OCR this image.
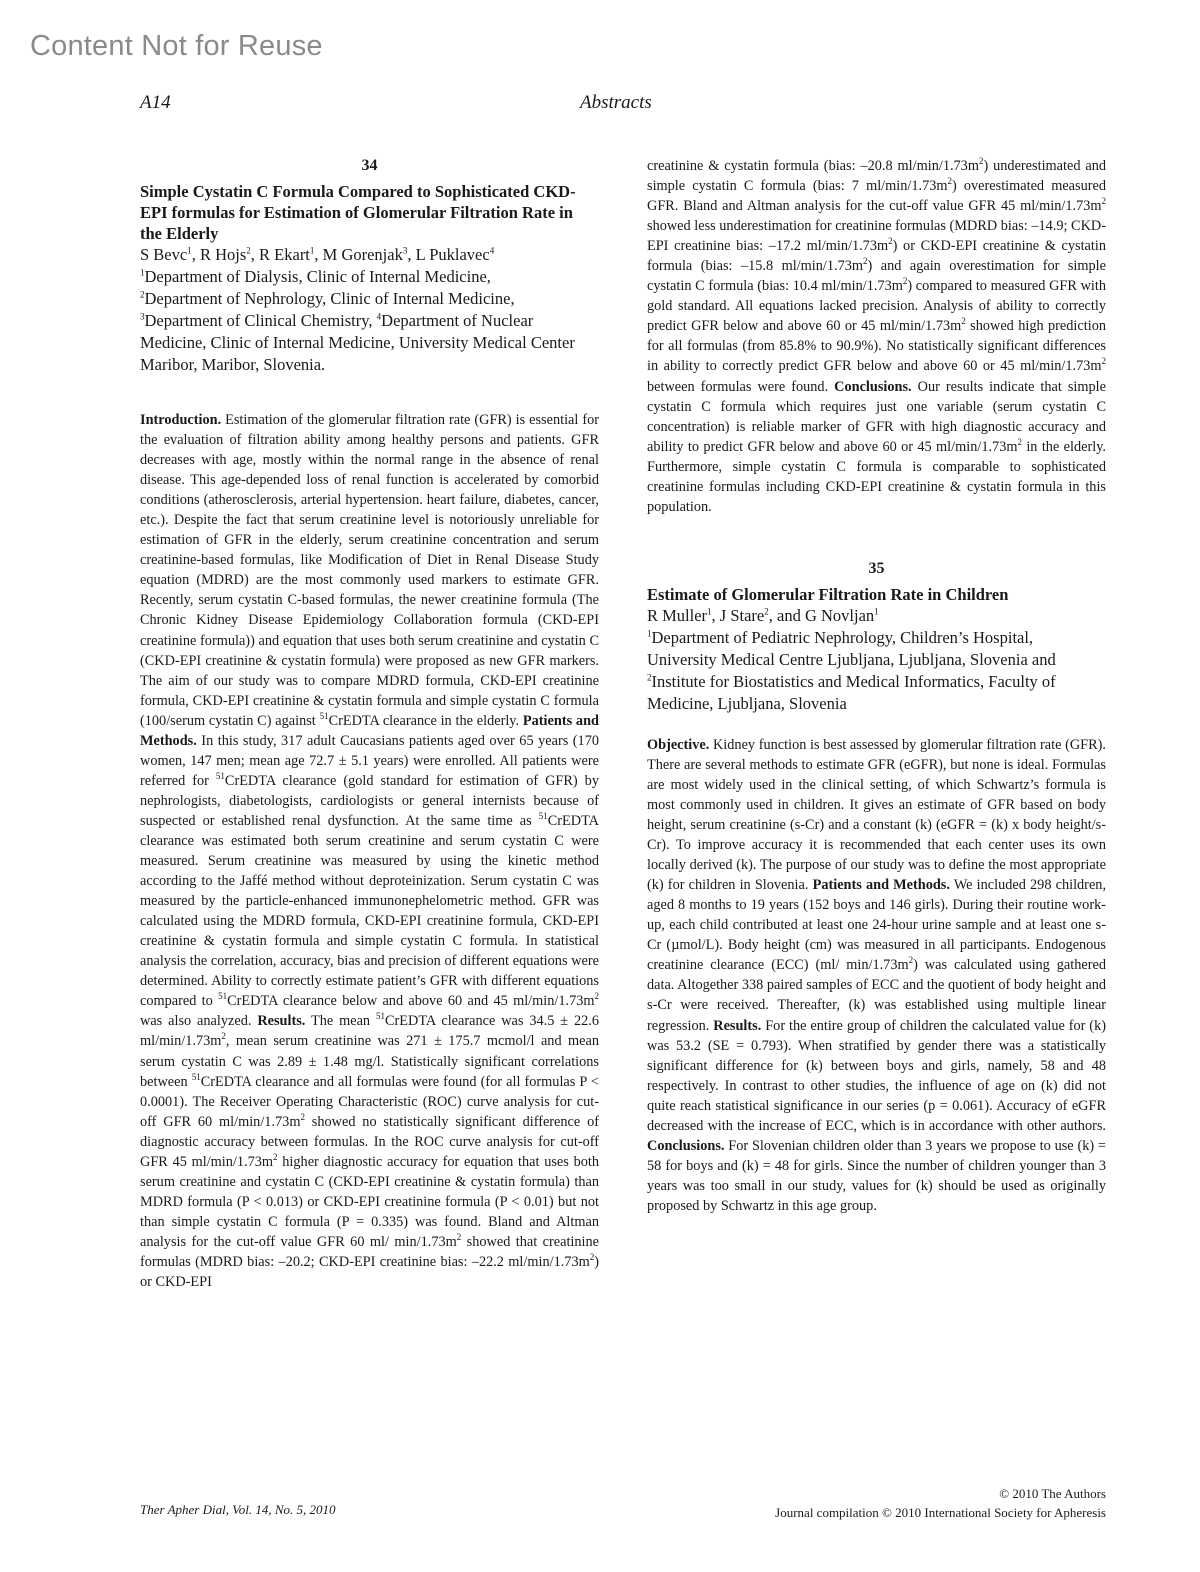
Content Not for Reuse
A14	Abstracts
34
Simple Cystatin C Formula Compared to Sophisticated CKD-EPI formulas for Estimation of Glomerular Filtration Rate in the Elderly
S Bevc$^1$, R Hojs$^2$, R Ekart$^1$, M Gorenjak$^3$, L Puklavec$^4$
$^1$Department of Dialysis, Clinic of Internal Medicine,
$^2$Department of Nephrology, Clinic of Internal Medicine,
$^3$Department of Clinical Chemistry, $^4$Department of Nuclear Medicine, Clinic of Internal Medicine, University Medical Center Maribor, Maribor, Slovenia.

Introduction. Estimation of the glomerular filtration rate (GFR) is essential for the evaluation of filtration ability among healthy persons and patients. GFR decreases with age, mostly within the normal range in the absence of renal disease. This age-depended loss of renal function is accelerated by comorbid conditions (atherosclerosis, arterial hypertension. heart failure, diabetes, cancer, etc.). Despite the fact that serum creatinine level is notoriously unreliable for estimation of GFR in the elderly, serum creatinine concentration and serum creatinine-based formulas, like Modification of Diet in Renal Disease Study equation (MDRD) are the most commonly used markers to estimate GFR. Recently, serum cystatin C-based formulas, the newer creatinine formula (The Chronic Kidney Disease Epidemiology Collaboration formula (CKD-EPI creatinine formula)) and equation that uses both serum creatinine and cystatin C (CKD-EPI creatinine & cystatin formula) were proposed as new GFR markers. The aim of our study was to compare MDRD formula, CKD-EPI creatinine formula, CKD-EPI creatinine & cystatin formula and simple cystatin C formula (100/serum cystatin C) against $^{51}$CrEDTA clearance in the elderly. Patients and Methods. In this study, 317 adult Caucasians patients aged over 65 years (170 women, 147 men; mean age 72.7 ± 5.1 years) were enrolled. All patients were referred for $^{51}$CrEDTA clearance (gold standard for estimation of GFR) by nephrologists, diabetologists, cardiologists or general internists because of suspected or established renal dysfunction. At the same time as $^{51}$CrEDTA clearance was estimated both serum creatinine and serum cystatin C were measured. Serum creatinine was measured by using the kinetic method according to the Jaffé method without deproteinization. Serum cystatin C was measured by the particle-enhanced immunonephelometric method. GFR was calculated using the MDRD formula, CKD-EPI creatinine formula, CKD-EPI creatinine & cystatin formula and simple cystatin C formula. In statistical analysis the correlation, accuracy, bias and precision of different equations were determined. Ability to correctly estimate patient’s GFR with different equations compared to $^{51}$CrEDTA clearance below and above 60 and 45 $ml/\min/1.73m^2$ was also analyzed. Results. The mean $^{51}$CrEDTA clearance was 34.5 ± 22.6 $ml/\min/1.73m^2$, mean serum creatinine was 271 ± 175.7 mcmol/l and mean serum cystatin C was 2.89 ± 1.48 mg/l. Statistically significant correlations between $^{51}$CrEDTA clearance and all formulas were found (for all formulas P < 0.0001). The Receiver Operating Characteristic (ROC) curve analysis for cut-off GFR 60 $ml/\min/1.73m^2$ showed no statistically significant difference of diagnostic accuracy between formulas. In the ROC curve analysis for cut-off GFR 45 $ml/\min/1.73m^2$ higher diagnostic accuracy for equation that uses both serum creatinine and cystatin C (CKD-EPI creatinine & cystatin formula) than MDRD formula (P < 0.013) or CKD-EPI creatinine formula (P < 0.01) but not than simple cystatin C formula (P = 0.335) was found. Bland and Altman analysis for the cut-off value GFR 60 ml/ $\min/1.73m^2$ showed that creatinine formulas (MDRD bias: –20.2; CKD-EPI creatinine bias: –22.2 $ml/\min/1.73m^2$) or CKD-EPI

creatinine & cystatin formula (bias: –20.8 $ml/\min/1.73m^2$) underestimated and simple cystatin C formula (bias: 7 $ml/\min/1.73m^2$) overestimated measured GFR. Bland and Altman analysis for the cut-off value GFR 45 $ml/\min/1.73m^2$ showed less underestimation for creatinine formulas (MDRD bias: –14.9; CKD-EPI creatinine bias: –17.2 $ml/\min/1.73m^2$) or CKD-EPI creatinine & cystatin formula (bias: –15.8 $ml/\min/1.73m^2$) and again overestimation for simple cystatin C formula (bias: 10.4 $ml/\min/1.73m^2$) compared to measured GFR with gold standard. All equations lacked precision. Analysis of ability to correctly predict GFR below and above 60 or 45 $ml/\min/1.73m^2$ showed high prediction for all formulas (from 85.8% to 90.9%). No statistically significant differences in ability to correctly predict GFR below and above 60 or 45 $ml/\min/1.73m^2$ between formulas were found. Conclusions. Our results indicate that simple cystatin C formula which requires just one variable (serum cystatin C concentration) is reliable marker of GFR with high diagnostic accuracy and ability to predict GFR below and above 60 or 45 $ml/\min/1.73m^2$ in the elderly. Furthermore, simple cystatin C formula is comparable to sophisticated creatinine formulas including CKD-EPI creatinine & cystatin formula in this population.

35
Estimate of Glomerular Filtration Rate in Children
R Muller$^1$, J Stare$^2$, and G Novljan$^1$
$^1$Department of Pediatric Nephrology, Children’s Hospital, University Medical Centre Ljubljana, Ljubljana, Slovenia and $^2$Institute for Biostatistics and Medical Informatics, Faculty of Medicine, Ljubljana, Slovenia

Objective. Kidney function is best assessed by glomerular filtration rate (GFR). There are several methods to estimate GFR (eGFR), but none is ideal. Formulas are most widely used in the clinical setting, of which Schwartz’s formula is most commonly used in children. It gives an estimate of GFR based on body height, serum creatinine (s-Cr) and a constant (k) (eGFR = (k) x body height/s-Cr). To improve accuracy it is recommended that each center uses its own locally derived (k). The purpose of our study was to define the most appropriate (k) for children in Slovenia. Patients and Methods. We included 298 children, aged 8 months to 19 years (152 boys and 146 girls). During their routine work-up, each child contributed at least one 24-hour urine sample and at least one s-Cr (µmol/L). Body height (cm) was measured in all participants. Endogenous creatinine clearance (ECC) (ml/ $\min/1.73m^2$) was calculated using gathered data. Altogether 338 paired samples of ECC and the quotient of body height and s-Cr were received. Thereafter, (k) was established using multiple linear regression. Results. For the entire group of children the calculated value for (k) was 53.2 (SE = 0.793). When stratified by gender there was a statistically significant difference for (k) between boys and girls, namely, 58 and 48 respectively. In contrast to other studies, the influence of age on (k) did not quite reach statistical significance in our series (p = 0.061). Accuracy of eGFR decreased with the increase of ECC, which is in accordance with other authors. Conclusions. For Slovenian children older than 3 years we propose to use (k) = 58 for boys and (k) = 48 for girls. Since the number of children younger than 3 years was too small in our study, values for (k) should be used as originally proposed by Schwartz in this age group.

Ther Apher Dial, Vol. 14, No. 5, 2010
© 2010 The Authors
Journal compilation © 2010 International Society for Apheresis
